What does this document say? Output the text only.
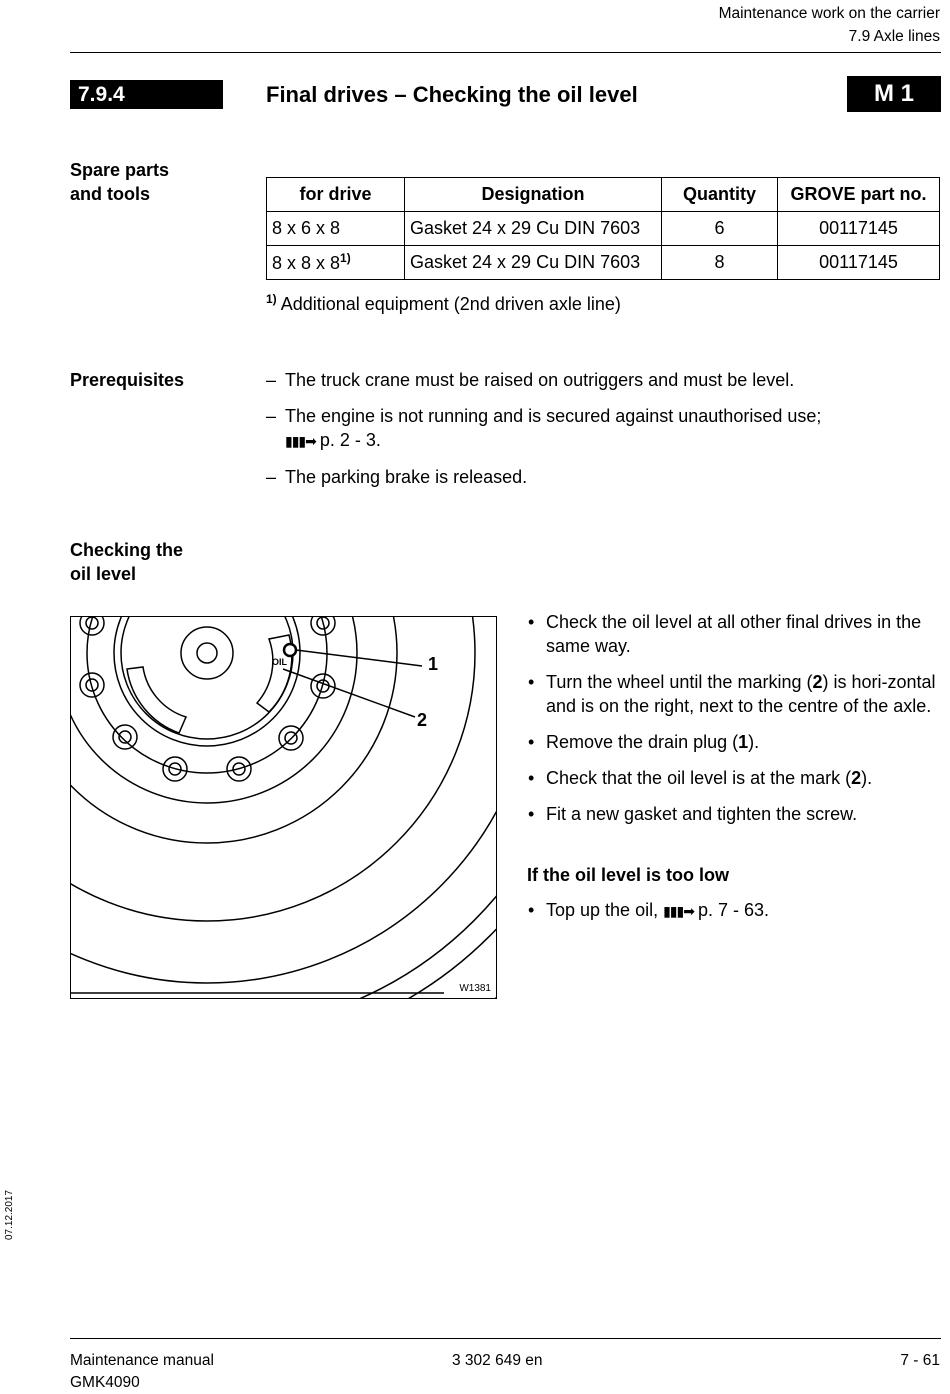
Maintenance work on the carrier
7.9 Axle lines
7.9.4	Final drives – Checking the oil level	M 1
Spare parts
and tools	for drive	Designation	Quantity	GROVE part no.
8 x 6 x 8	Gasket 24 x 29 Cu DIN 7603	6	00117145
8 x 8 x 8$^{1)}$	Gasket 24 x 29 Cu DIN 7603	8	00117145
$^{1)}$ Additional equipment (2nd driven axle line)
Prerequisites	– The truck crane must be raised on outriggers and must be level.
– The engine is not running and is secured against unauthorised use;
▮▮▮➡ p. 2 - 3.
– The parking brake is released.
Checking the
oil level
OIL	1
2
W1381
• Check the oil level at all other final drives in the same way.
• Turn the wheel until the marking (2) is hori-zontal and is on the right, next to the centre of the axle.
• Remove the drain plug (1).
• Check that the oil level is at the mark (2).
• Fit a new gasket and tighten the screw.
If the oil level is too low
• Top up the oil, ▮▮▮➡ p. 7 - 63.
07.12.2017
Maintenance manual
GMK4090
3 302 649 en	7 - 61
